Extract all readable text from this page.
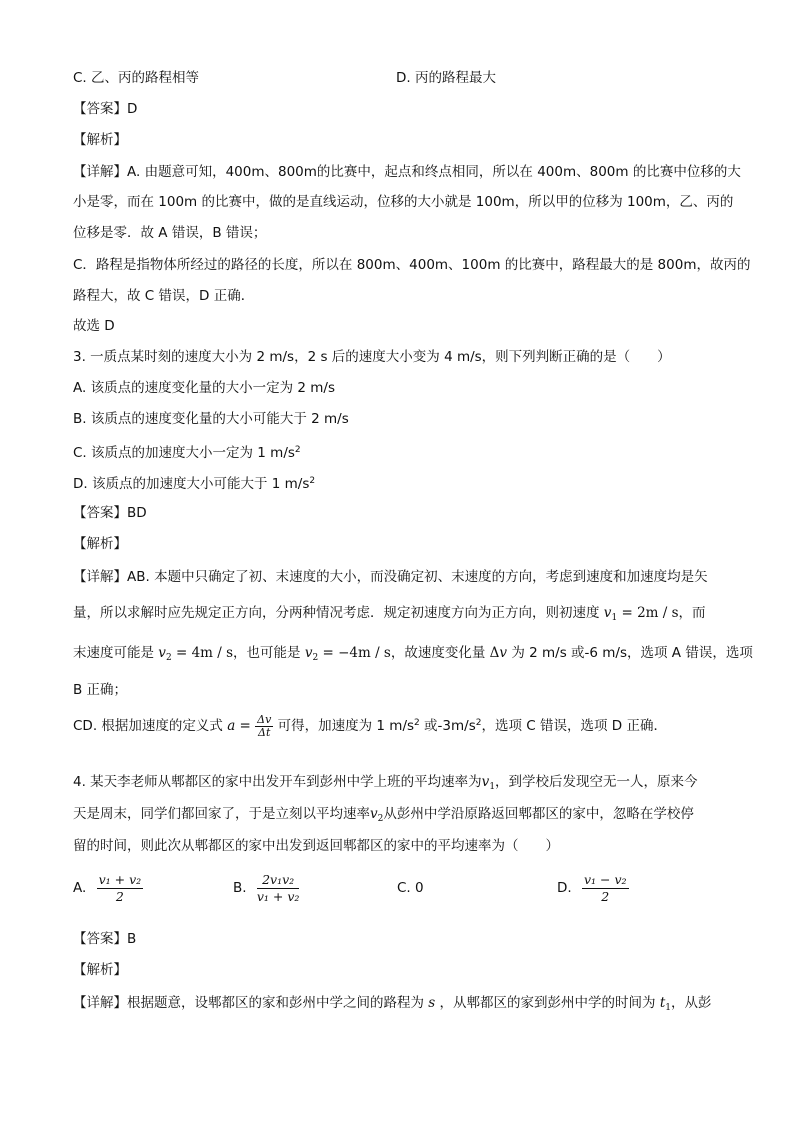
C. 乙、丙的路程相等	D. 丙的路程最大
【答案】D
【解析】
【详解】A. 由题意可知，400m、800m的比赛中，起点和终点相同，所以在 400m、800m 的比赛中位移的大
小是零，而在 100m 的比赛中，做的是直线运动，位移的大小就是 100m，所以甲的位移为 100m，乙、丙的
位移是零．故 A 错误，B 错误；
C．路程是指物体所经过的路径的长度，所以在 800m、400m、100m 的比赛中，路程最大的是 800m，故丙的
路程大，故 C 错误，D 正确．
故选 D
3. 一质点某时刻的速度大小为 2 m/s，2 s 后的速度大小变为 4 m/s，则下列判断正确的是（　　）
A. 该质点的速度变化量的大小一定为 2 m/s
B. 该质点的速度变化量的大小可能大于 2 m/s
C. 该质点的加速度大小一定为 1 $m/s^2$
D. 该质点的加速度大小可能大于 1 $m/s^2$
【答案】BD
【解析】
【详解】AB. 本题中只确定了初、末速度的大小，而没确定初、末速度的方向，考虑到速度和加速度均是矢
量，所以求解时应先规定正方向，分两种情况考虑．规定初速度方向为正方向，则初速度 $v_1 = 2m / s$，而
末速度可能是 $v_2 = 4m / s$，也可能是 $v_2 = -4m / s$，故速度变化量 Δv 为 2 m/s 或-6 m/s，选项 A 错误，选项
B 正确；
CD. 根据加速度的定义式 $a = \frac{\Delta v}{\Delta t}$ 可得，加速度为 1 $m/s^2$ 或$-3m/s^2$，选项 C 错误，选项 D 正确．
4. 某天李老师从郫都区的家中出发开车到彭州中学上班的平均速率为$v_1$，到学校后发现空无一人，原来今
天是周末，同学们都回家了，于是立刻以平均速率$v_2$从彭州中学沿原路返回郫都区的家中，忽略在学校停
留的时间，则此次从郫都区的家中出发到返回郫都区的家中的平均速率为（　　）
A. $\frac{\text{v₁ + v₂}}{2}$	B. $\frac{\text{2v₁v₂}}{\text{v₁ + v₂}}$	C. 0	D. $\frac{\text{v₁ − v₂}}{2}$
【答案】B
【解析】
【详解】根据题意，设郫都区的家和彭州中学之间的路程为 s ，从郫都区的家到彭州中学的时间为 $t_1$，从彭
